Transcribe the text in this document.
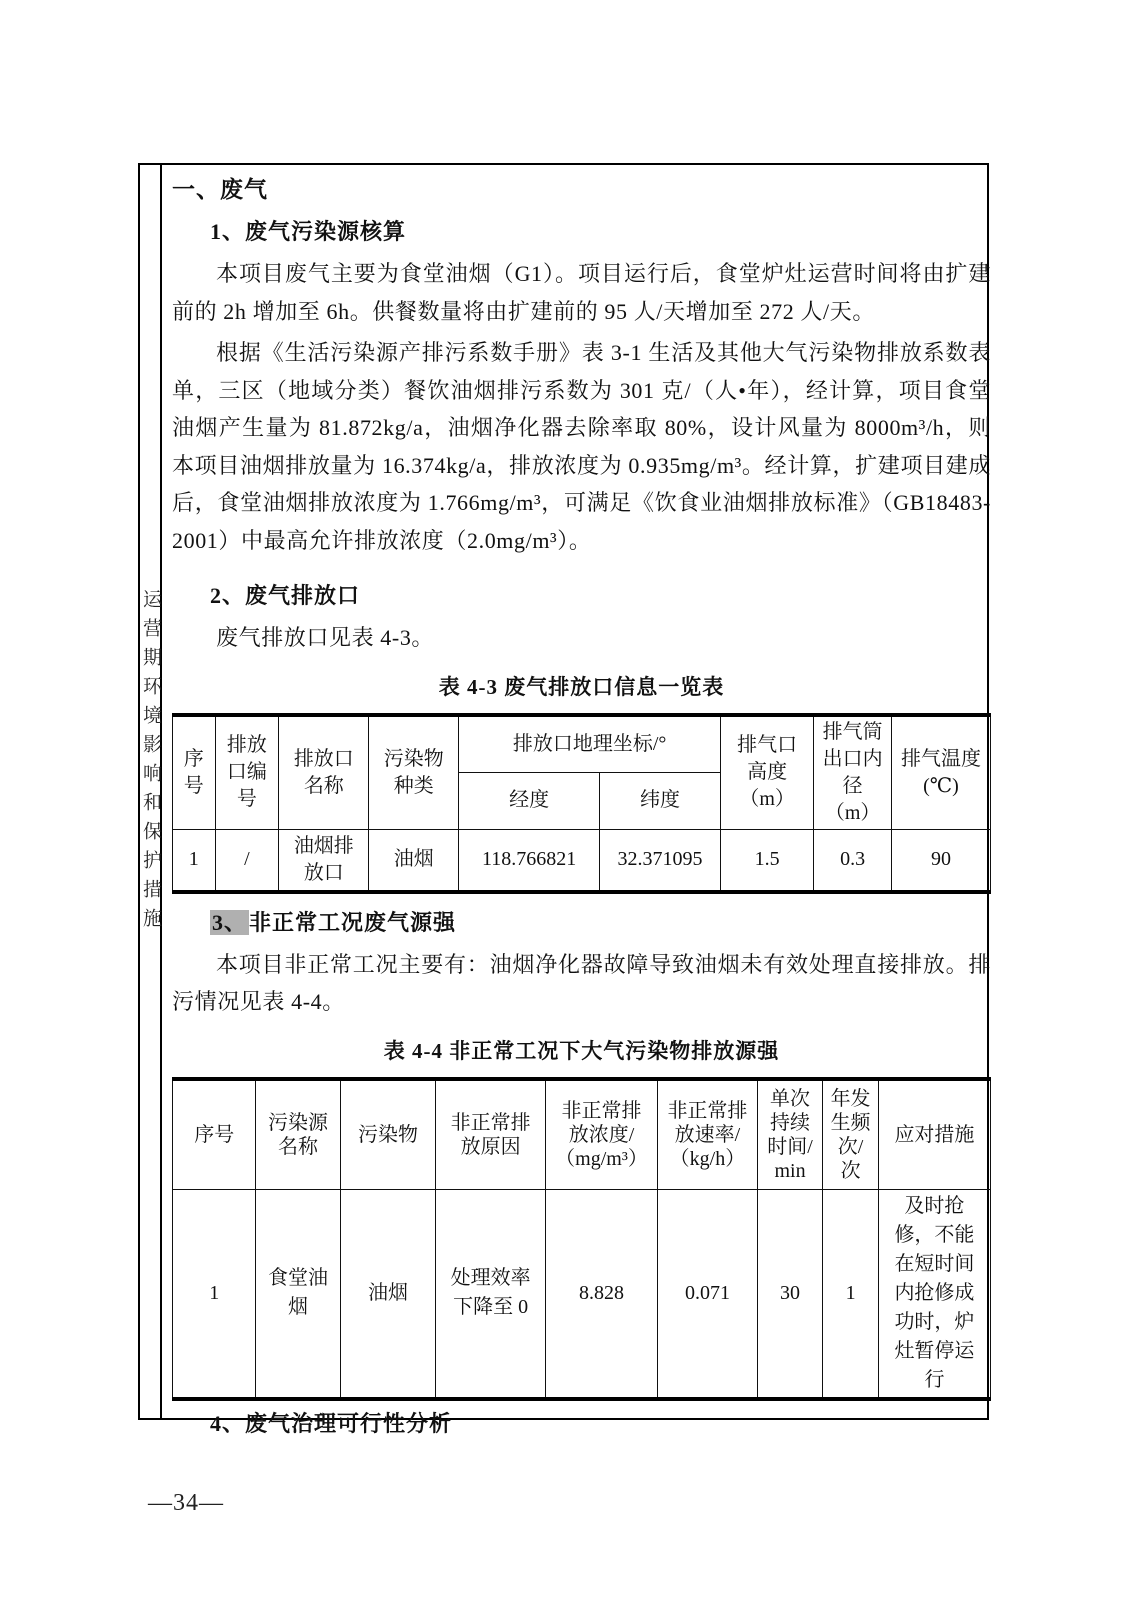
运营期环境影响和保护措施
一、废气
1、废气污染源核算

本项目废气主要为食堂油烟（G1）。项目运行后，食堂炉灶运营时间将由扩建前的 2h 增加至 6h。供餐数量将由扩建前的 95 人/天增加至 272 人/天。

根据《生活污染源产排污系数手册》表 3-1 生活及其他大气污染物排放系数表单，三区（地域分类）餐饮油烟排污系数为 301 克/（人•年），经计算，项目食堂油烟产生量为 81.872kg/a，油烟净化器去除率取 80%，设计风量为 8000m³/h，则本项目油烟排放量为 16.374kg/a，排放浓度为 0.935mg/m³。经计算，扩建项目建成后，食堂油烟排放浓度为 1.766mg/m³，可满足《饮食业油烟排放标准》（GB18483-2001）中最高允许排放浓度（2.0mg/m³）。

2、废气排放口

废气排放口见表 4-3。

表 4-3 废气排放口信息一览表
序号	排放口编号	排放口名称	污染物种类	排放口地理坐标/°		排气口高度（m）	排气筒出口内径（m）	排气温度(℃)
				经度	纬度			
1	/	油烟排放口	油烟	118.766821	32.371095	1.5	0.3	90
3、非正常工况废气源强

本项目非正常工况主要有：油烟净化器故障导致油烟未有效处理直接排放。排污情况见表 4-4。

表 4-4 非正常工况下大气污染物排放源强
序号	污染源名称	污染物	非正常排放原因	非正常排放浓度/（mg/m³）	非正常排放速率/（kg/h）	单次持续时间/min	年发生频次/次	应对措施
1	食堂油烟	油烟	处理效率下降至 0	8.828	0.071	30	1	及时抢修，不能在短时间内抢修成功时，炉灶暂停运行
4、废气治理可行性分析
—34—
